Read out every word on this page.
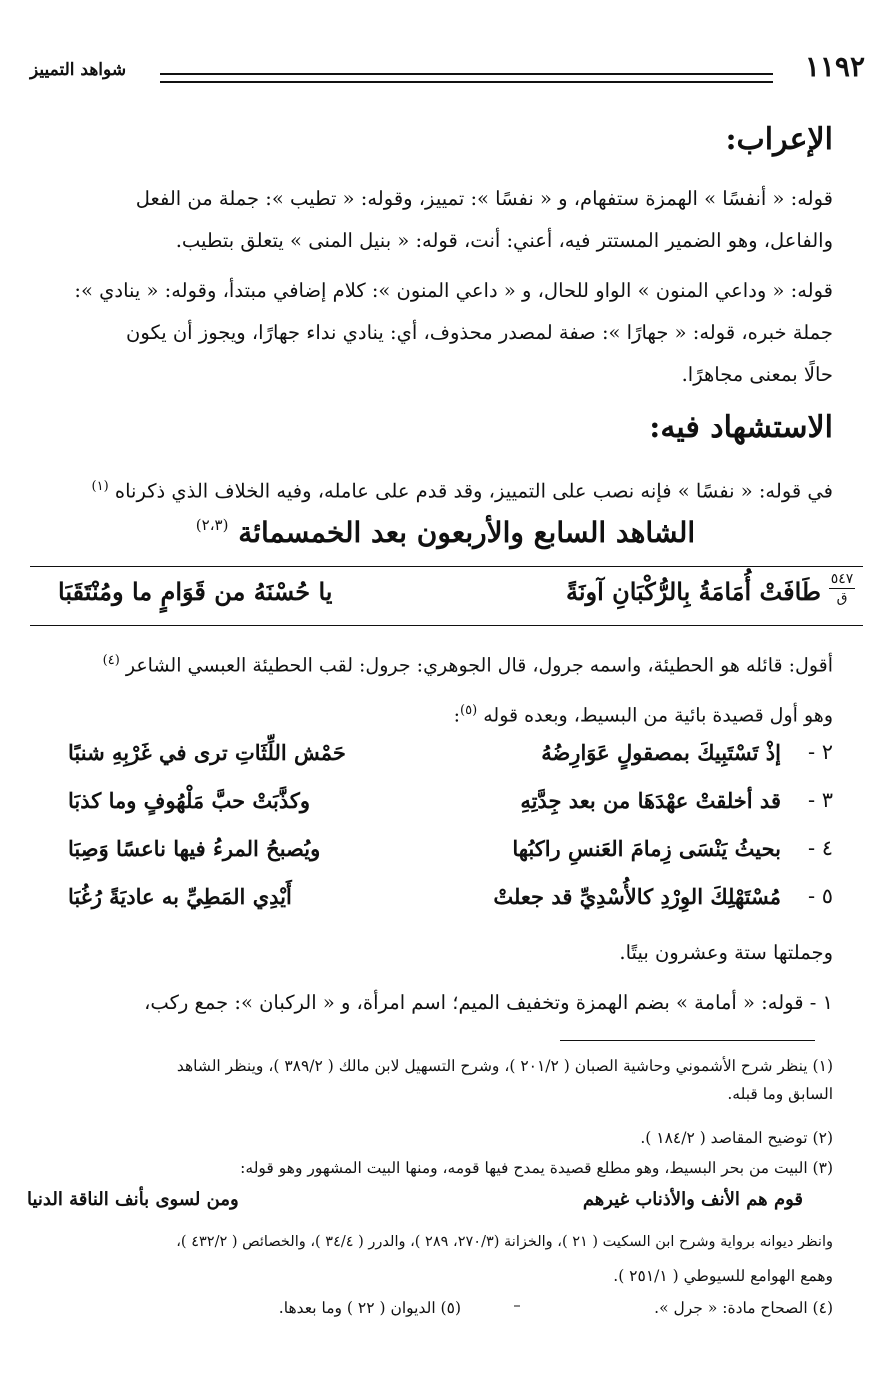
١١٩٢
شواهد التمييز
الإعراب:
قوله: « أنفسًا » الهمزة ستفهام، و « نفسًا »: تمييز، وقوله: « تطيب »: جملة من الفعل
والفاعل، وهو الضمير المستتر فيه، أعني: أنت، قوله: « بنيل المنى » يتعلق بتطيب.
قوله: « وداعي المنون » الواو للحال، و « داعي المنون »: كلام إضافي مبتدأ، وقوله: « ينادي »:
جملة خبره، قوله: « جهارًا »: صفة لمصدر محذوف، أي: ينادي نداء جهارًا، ويجوز أن يكون
حالًا بمعنى مجاهرًا.
الاستشهاد فيه:
في قوله: « نفسًا » فإنه نصب على التمييز، وقد قدم على عامله، وفيه الخلاف الذي ذكرناه $^{(١)}$
الشاهد السابع والأربعون بعد الخمسمائة $^{(٢،٣)}$
٥٤٧
ق
طَافَتْ أُمَامَةُ بِالرُّكْبَانِ آونَةً
يا حُسْنَهُ من قَوَامٍ ما ومُنْتَقَبَا
أقول: قائله هو الحطيئة، واسمه جرول، قال الجوهري: جرول: لقب الحطيئة العبسي الشاعر $^{(٤)}$
وهو أول قصيدة بائية من البسيط، وبعده قوله $^{(٥)}$:
٢ -
إذْ تَسْتَبِيكَ بمصقولٍ عَوَارِضُهُ
حَمْش اللِّثَاتِ ترى في غَرْبِهِ شنبًا
٣ -
قد أخلقتْ عهْدَهَا من بعد جِدَّتِهِ
وكذَّبَتْ حبَّ مَلْهُوفٍ وما كذبَا
٤ -
بحيثُ يَنْسَى زِمامَ العَنسِ راكبُها
ويُصبحُ المرءُ فيها ناعسًا وَصِبَا
٥ -
مُسْتَهْلِكَ الوِرْدِ كالأُسْدِيِّ قد جعلتْ
أَيْدِي المَطِيِّ به عاديَةً رُغُبَا
وجملتها ستة وعشرون بيتًا.
١ - قوله: « أمامة » بضم الهمزة وتخفيف الميم؛ اسم امرأة، و « الركبان »: جمع ركب،
(١) ينظر شرح الأشموني وحاشية الصبان ( ٢٠١/٢ )، وشرح التسهيل لابن مالك ( ٣٨٩/٢ )، وينظر الشاهد
السابق وما قبله.
(٢) توضيح المقاصد ( ١٨٤/٢ ).
(٣) البيت من بحر البسيط، وهو مطلع قصيدة يمدح فيها قومه، ومنها البيت المشهور وهو قوله:
قوم هم الأنف والأذناب غيرهم
ومن لسوى بأنف الناقة الدنيا
وانظر ديوانه برواية وشرح ابن السكيت ( ٢١ )، والخزانة (٢٧٠/٣، ٢٨٩ )، والدرر ( ٣٤/٤ )، والخصائص ( ٤٣٢/٢ )،
وهمع الهوامع للسيوطي ( ٢٥١/١ ).
(٤) الصحاح مادة: « جرل ».
(٥) الديوان ( ٢٢ ) وما بعدها.
